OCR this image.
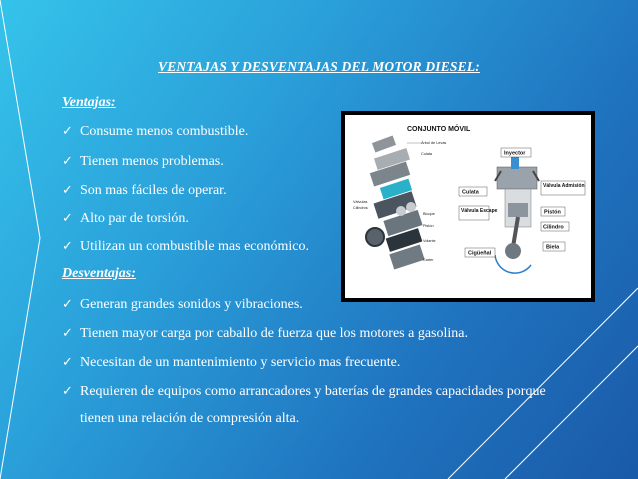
VENTAJAS Y DESVENTAJAS DEL MOTOR DIESEL:
Ventajas:
✓ Consume menos combustible.
✓ Tienen menos problemas.
✓ Son mas fáciles de operar.
✓ Alto par de torsión.
✓ Utilizan un combustible mas económico.
Desventajas:
✓ Generan grandes sonidos y vibraciones.
✓ Tienen mayor carga por caballo de fuerza que los motores a gasolina.
✓ Necesitan de un mantenimiento y servicio mas frecuente.
✓ Requieren de equipos como arrancadores y baterías de grandes capacidades porque
tienen una relación de compresión alta.
CONJUNTO MÓVIL
Árbol de Levas
Culata
Válvulas
Cilindros
Bloque
Pistón
Volante
Carter
Inyector
Culata
Válvula Admisión
Válvula Escape	Pistón
Cilindro
Biela
Cigüeñal
